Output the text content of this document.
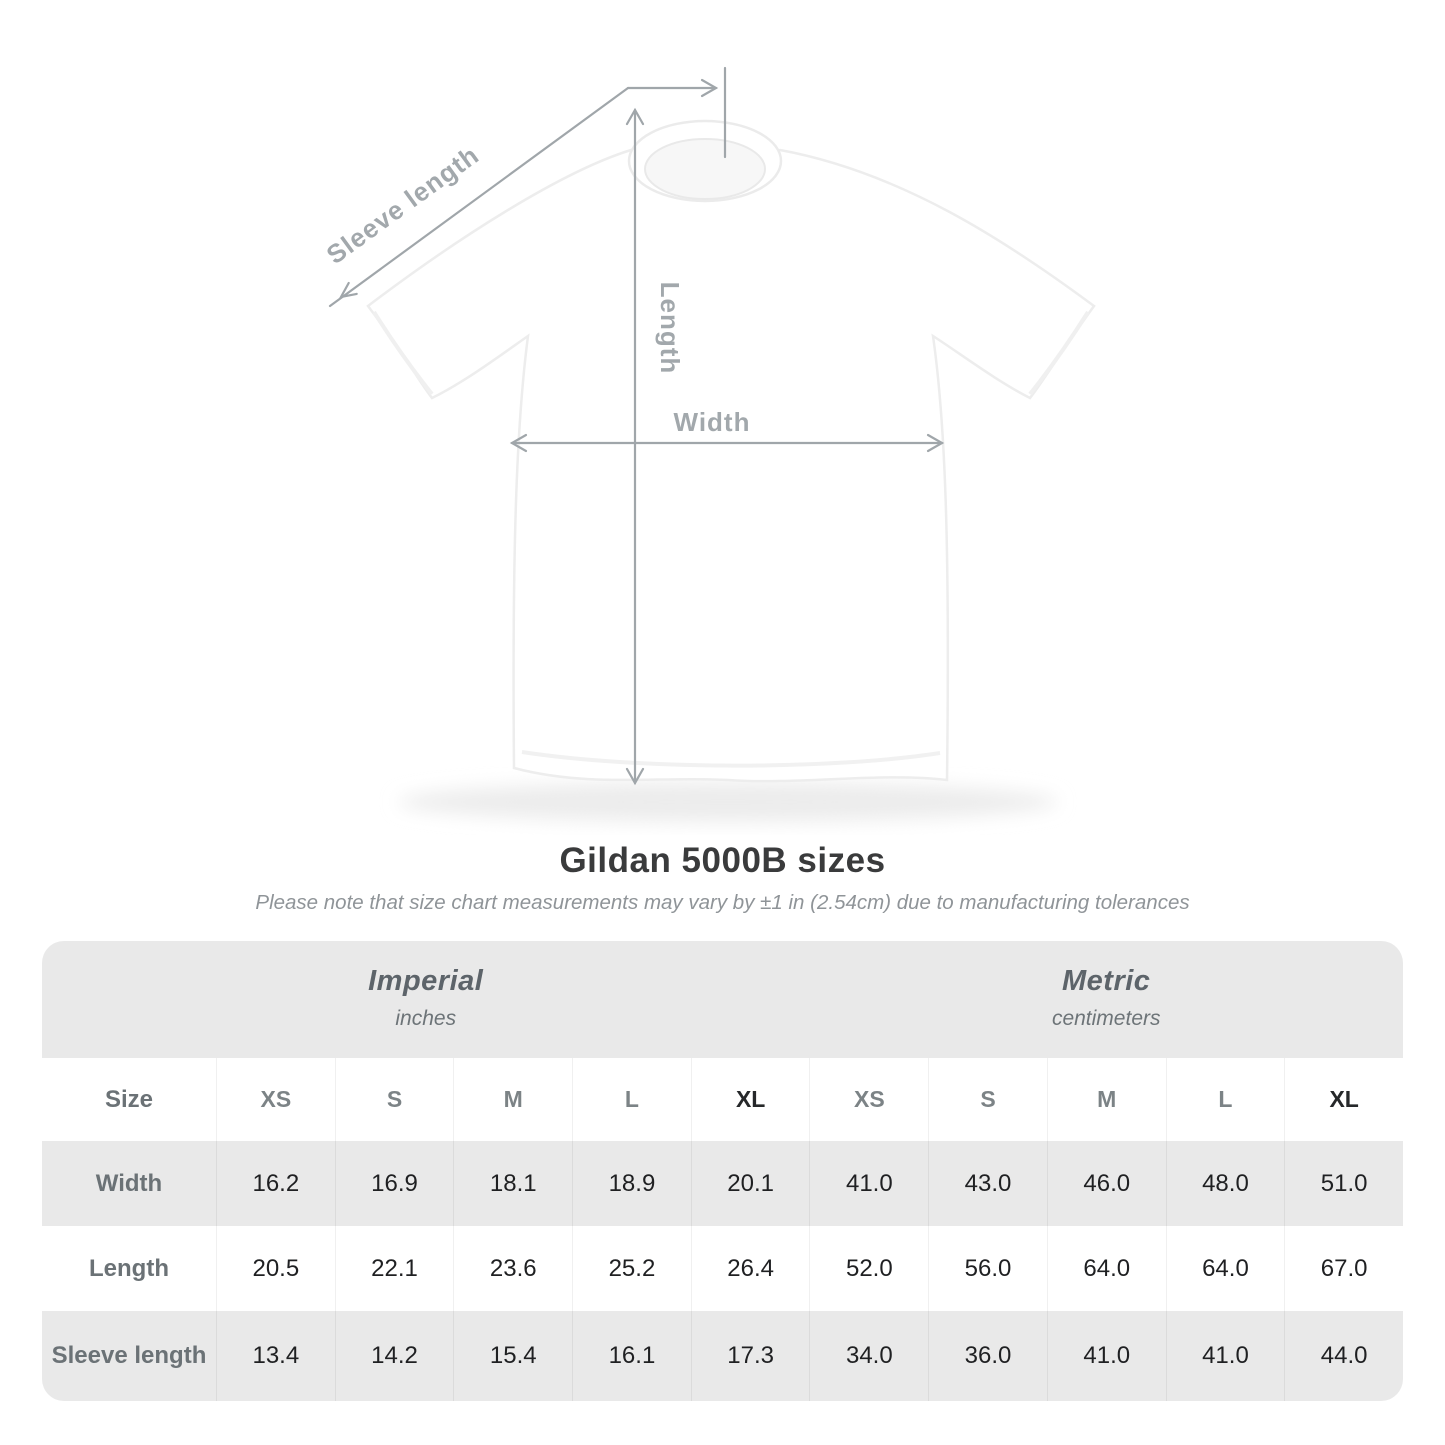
Sleeve length
Length
Width
Gildan 5000B sizes
Please note that size chart measurements may vary by ±1 in (2.54cm) due to manufacturing tolerances
Imperial
inches
Metric
centimeters
Size	XS	S	M	L	XL	XS	S	M	L	XL
Width	16.2	16.9	18.1	18.9	20.1	41.0	43.0	46.0	48.0	51.0
Length	20.5	22.1	23.6	25.2	26.4	52.0	56.0	64.0	64.0	67.0
Sleeve length	13.4	14.2	15.4	16.1	17.3	34.0	36.0	41.0	41.0	44.0
